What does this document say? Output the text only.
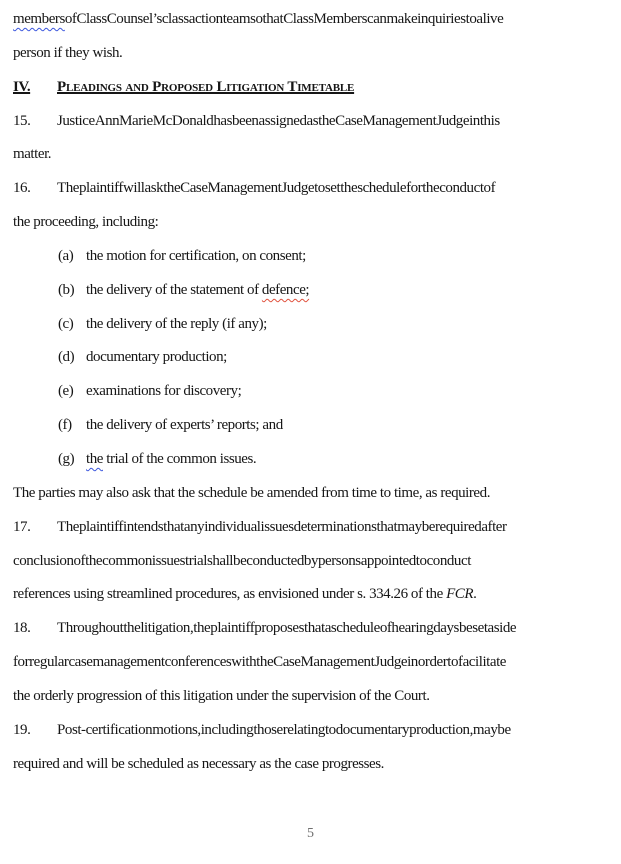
membersofClassCounsel’sclassactionteamsothatClassMemberscanmakeinquiriestoalive
person if they wish.
IV. Pleadings and Proposed Litigation Timetable
15. JusticeAnnMarieMcDonaldhasbeenassignedastheCaseManagementJudgeinthis
matter.
16. TheplaintiffwillasktheCaseManagementJudgetosettheschedulefortheconductof
the proceeding, including:
(a) the motion for certification, on consent;
(b) the delivery of the statement of defence;
(c) the delivery of the reply (if any);
(d) documentary production;
(e) examinations for discovery;
(f) the delivery of experts’ reports; and
(g) the trial of the common issues.
The parties may also ask that the schedule be amended from time to time, as required.
17. Theplaintiffintendsthatanyindividualissuesdeterminationsthatmayberequiredafter
conclusionofthecommonissuestrialshallbeconductedbypersonsappointedtoconduct
references using streamlined procedures, as envisioned under s. 334.26 of the FCR.
18. Throughoutthelitigation,theplaintiffproposesthatascheduleofhearingdaysbesetaside
forregularcasemanagementconferenceswiththeCaseManagementJudgeinordertofacilitate
the orderly progression of this litigation under the supervision of the Court.
19. Post-certificationmotions,includingthoserelatingtodocumentaryproduction,maybe
required and will be scheduled as necessary as the case progresses.
5
